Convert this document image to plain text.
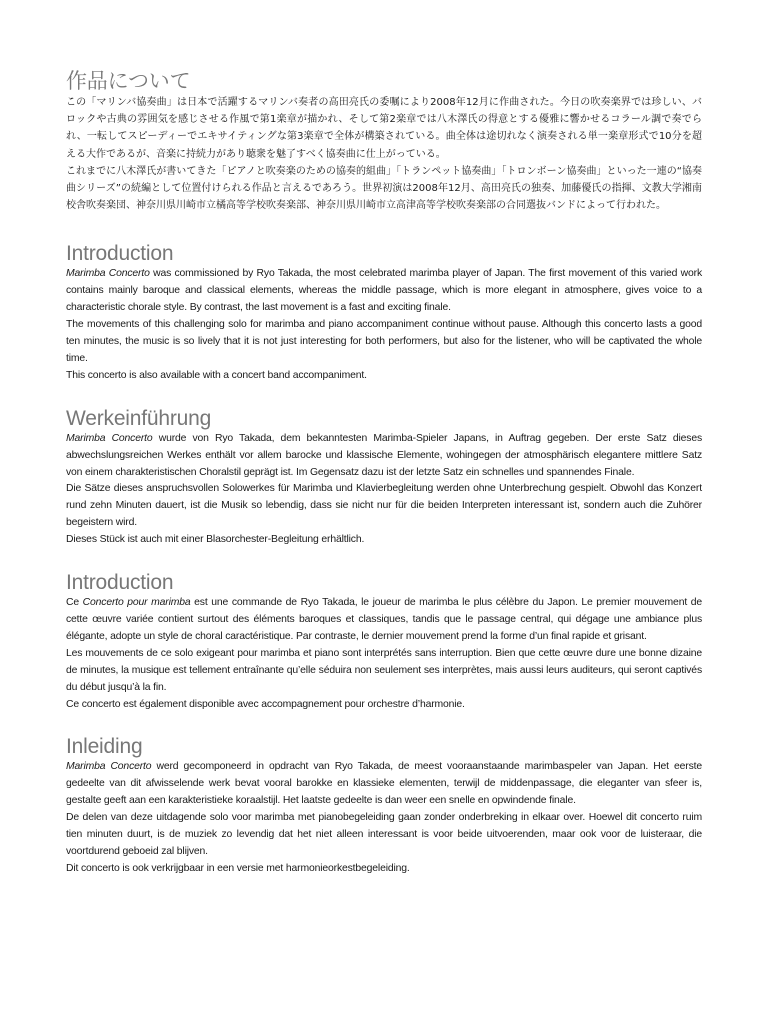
作品について

この「マリンバ協奏曲」は日本で活躍するマリンバ奏者の高田亮氏の委嘱により2008年12月に作曲された。今日の吹奏楽界では珍しい、バロックや古典の雰囲気を感じさせる作風で第1楽章が描かれ、そして第2楽章では八木澤氏の得意とする優雅に響かせるコラール調で奏でられ、一転してスピーディーでエキサイティングな第3楽章で全体が構築されている。曲全体は途切れなく演奏される単一楽章形式で10分を超える大作であるが、音楽に持続力があり聴衆を魅了すべく協奏曲に仕上がっている。

これまでに八木澤氏が書いてきた「ピアノと吹奏楽のための協奏的組曲」「トランペット協奏曲」「トロンボーン協奏曲」といった一連の“協奏曲シリーズ”の続編として位置付けられる作品と言えるであろう。世界初演は2008年12月、高田亮氏の独奏、加藤優氏の指揮、文教大学湘南校舎吹奏楽団、神奈川県川崎市立橘高等学校吹奏楽部、神奈川県川崎市立高津高等学校吹奏楽部の合同選抜バンドによって行われた。

Introduction

Marimba Concerto was commissioned by Ryo Takada, the most celebrated marimba player of Japan. The first movement of this varied work contains mainly baroque and classical elements, whereas the middle passage, which is more elegant in atmosphere, gives voice to a characteristic chorale style. By contrast, the last movement is a fast and exciting finale.

The movements of this challenging solo for marimba and piano accompaniment continue without pause. Although this concerto lasts a good ten minutes, the music is so lively that it is not just interesting for both performers, but also for the listener, who will be captivated the whole time.

This concerto is also available with a concert band accompaniment.

Werkeinführung

Marimba Concerto wurde von Ryo Takada, dem bekanntesten Marimba-Spieler Japans, in Auftrag gegeben. Der erste Satz dieses abwechslungsreichen Werkes enthält vor allem barocke und klassische Elemente, wohingegen der atmosphärisch elegantere mittlere Satz von einem charakteristischen Choralstil geprägt ist. Im Gegensatz dazu ist der letzte Satz ein schnelles und spannendes Finale.

Die Sätze dieses anspruchsvollen Solowerkes für Marimba und Klavierbegleitung werden ohne Unterbrechung gespielt. Obwohl das Konzert rund zehn Minuten dauert, ist die Musik so lebendig, dass sie nicht nur für die beiden Interpreten interessant ist, sondern auch die Zuhörer begeistern wird.

Dieses Stück ist auch mit einer Blasorchester-Begleitung erhältlich.

Introduction

Ce Concerto pour marimba est une commande de Ryo Takada, le joueur de marimba le plus célèbre du Japon. Le premier mouvement de cette œuvre variée contient surtout des éléments baroques et classiques, tandis que le passage central, qui dégage une ambiance plus élégante, adopte un style de choral caractéristique. Par contraste, le dernier mouvement prend la forme d’un final rapide et grisant.

Les mouvements de ce solo exigeant pour marimba et piano sont interprétés sans interruption. Bien que cette œuvre dure une bonne dizaine de minutes, la musique est tellement entraînante qu’elle séduira non seulement ses interprètes, mais aussi leurs auditeurs, qui seront captivés du début jusqu’à la fin.

Ce concerto est également disponible avec accompagnement pour orchestre d’harmonie.

Inleiding

Marimba Concerto werd gecomponeerd in opdracht van Ryo Takada, de meest vooraanstaande marimbaspeler van Japan. Het eerste gedeelte van dit afwisselende werk bevat vooral barokke en klassieke elementen, terwijl de middenpassage, die eleganter van sfeer is, gestalte geeft aan een karakteristieke koraalstijl. Het laatste gedeelte is dan weer een snelle en opwindende finale.

De delen van deze uitdagende solo voor marimba met pianobegeleiding gaan zonder onderbreking in elkaar over. Hoewel dit concerto ruim tien minuten duurt, is de muziek zo levendig dat het niet alleen interessant is voor beide uitvoerenden, maar ook voor de luisteraar, die voortdurend geboeid zal blijven.

Dit concerto is ook verkrijgbaar in een versie met harmonieorkestbegeleiding.
